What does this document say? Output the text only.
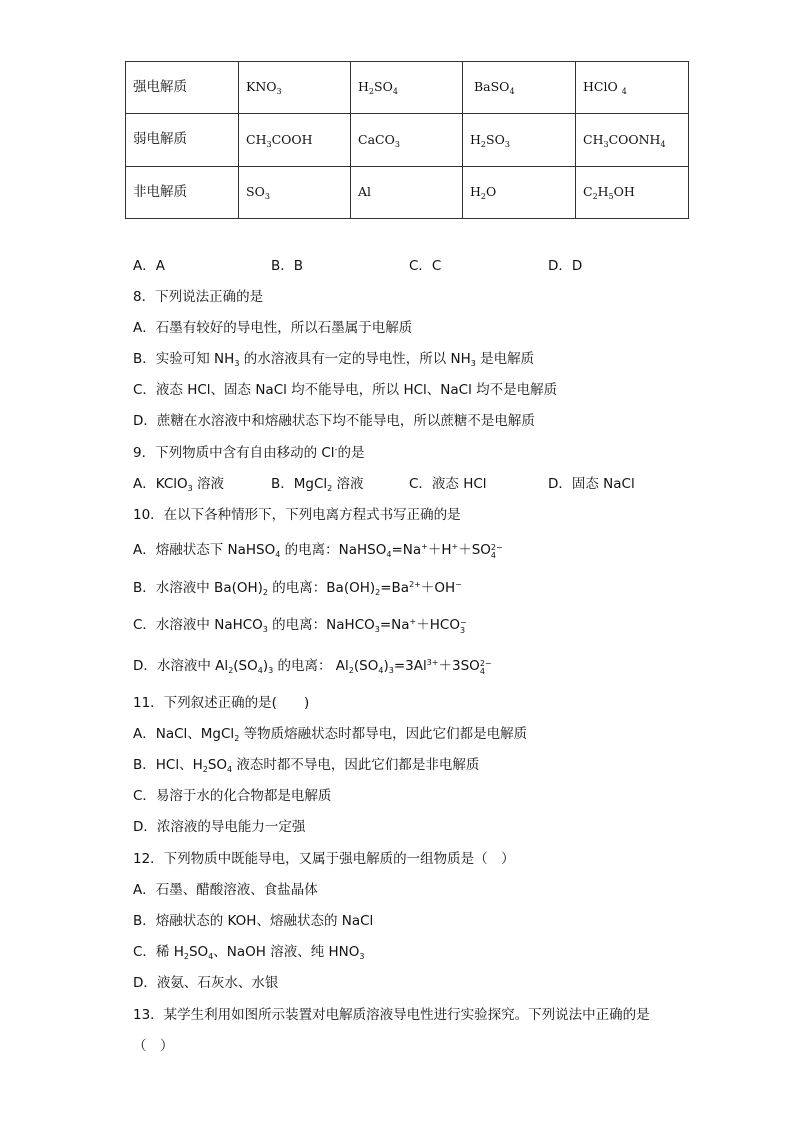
强电解质	$KNO_3$	$H_2SO_4$	BaSO$_4$	HClO $_4$
弱电解质	$CH_3COOH$	CaCO$_3$	$H_2SO_3$	$CH_3COONH_4$
非电解质	$SO_3$	Al	$H_2O$	$C_2H_5OH$
A．A	B．B	C．C	D．D
8．下列说法正确的是
A．石墨有较好的导电性，所以石墨属于电解质
B．实验可知 $NH_3$ 的水溶液具有一定的导电性，所以 $NH_3$ 是电解质
C．液态 HCl、固态 NaCl 均不能导电，所以 HCl、NaCl 均不是电解质
D．蔗糖在水溶液中和熔融状态下均不能导电，所以蔗糖不是电解质
9．下列物质中含有自由移动的 Cl-的是
A．KClO$_3$ 溶液	B．MgCl$_2$ 溶液	C．液态 HCl	D．固态 NaCl
10．在以下各种情形下，下列电离方程式书写正确的是
A．熔融状态下 NaHSO$_4$ 的电离：NaHSO$_4$=Na+＋H+＋SO 2−
4
B．水溶液中 $Ba(OH)_2$ 的电离：$Ba(OH)_2=Ba^{2+}+OH^-$
C．水溶液中 NaHCO$_3$ 的电离：NaHCO$_3$=Na+＋HCO −
3
D．水溶液中 $Al_2(SO_4)_3$ 的电离： $Al_2(SO_4)_3=3Al^{3+}+3SO$ 2−
4
11．下列叙述正确的是(　　)
A．NaCl、MgCl$_2$ 等物质熔融状态时都导电，因此它们都是电解质
B．HCl、$H_2SO_4$ 液态时都不导电，因此它们都是非电解质
C．易溶于水的化合物都是电解质
D．浓溶液的导电能力一定强
12．下列物质中既能导电，又属于强电解质的一组物质是（　）
A．石墨、醋酸溶液、食盐晶体
B．熔融状态的 KOH、熔融状态的 NaCl
C．稀 $H_2SO_4$、NaOH 溶液、纯 $HNO_3$
D．液氨、石灰水、水银
13．某学生利用如图所示装置对电解质溶液导电性进行实验探究。下列说法中正确的是
（　）
